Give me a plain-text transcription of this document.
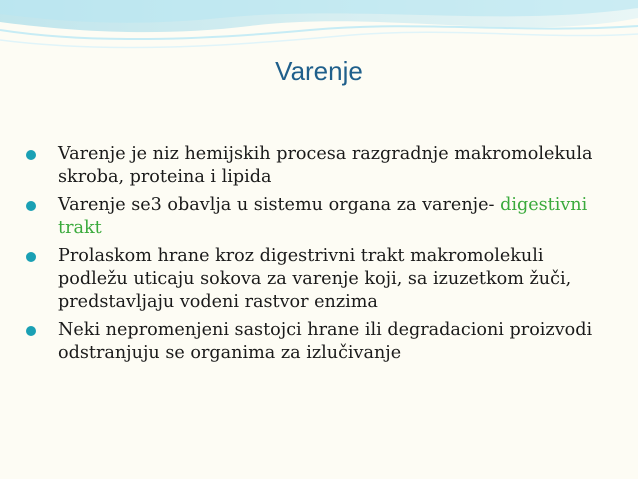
Varenje
Varenje je niz hemijskih procesa razgradnje makromolekula skroba, proteina i lipida
Varenje se3 obavlja u sistemu organa za varenje- digestivni trakt
Prolaskom hrane kroz digestrivni trakt makromolekuli podležu uticaju sokova za varenje koji, sa izuzetkom žuči, predstavljaju vodeni rastvor enzima
Neki nepromenjeni sastojci hrane ili degradacioni proizvodi odstranjuju se organima za izlučivanje
